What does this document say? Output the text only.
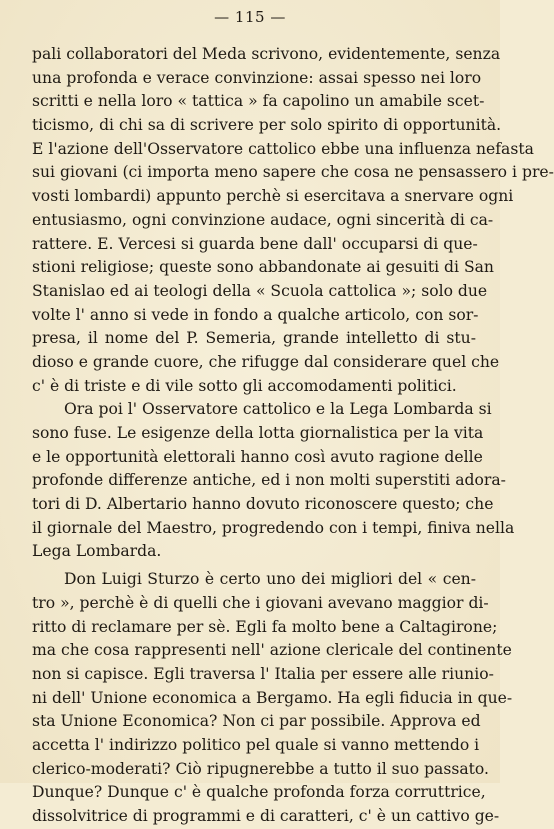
— 115 —
pali collaboratori del Meda scrivono, evidentemente, senza
una profonda e verace convinzione: assai spesso nei loro
scritti e nella loro « tattica » fa capolino un amabile scet-
ticismo, di chi sa di scrivere per solo spirito di opportunità.
E l'azione dell'Osservatore cattolico ebbe una influenza nefasta
sui giovani (ci importa meno sapere che cosa ne pensassero i pre-
vosti lombardi) appunto perchè si esercitava a snervare ogni
entusiasmo, ogni convinzione audace, ogni sincerità di ca-
rattere. E. Vercesi si guarda bene dall' occuparsi di que-
stioni religiose; queste sono abbandonate ai gesuiti di San
Stanislao ed ai teologi della « Scuola cattolica »; solo due
volte l' anno si vede in fondo a qualche articolo, con sor-
presa, il nome del P. Semeria, grande intelletto di stu-
dioso e grande cuore, che rifugge dal considerare quel che
c' è di triste e di vile sotto gli accomodamenti politici.
Ora poi l' Osservatore cattolico e la Lega Lombarda si
sono fuse. Le esigenze della lotta giornalistica per la vita
e le opportunità elettorali hanno così avuto ragione delle
profonde differenze antiche, ed i non molti superstiti adora-
tori di D. Albertario hanno dovuto riconoscere questo; che
il giornale del Maestro, progredendo con i tempi, finiva nella
Lega Lombarda.
Don Luigi Sturzo è certo uno dei migliori del « cen-
tro », perchè è di quelli che i giovani avevano maggior di-
ritto di reclamare per sè. Egli fa molto bene a Caltagirone;
ma che cosa rappresenti nell' azione clericale del continente
non si capisce. Egli traversa l' Italia per essere alle riunio-
ni dell' Unione economica a Bergamo. Ha egli fiducia in que-
sta Unione Economica? Non ci par possibile. Approva ed
accetta l' indirizzo politico pel quale si vanno mettendo i
clerico-moderati? Ciò ripugnerebbe a tutto il suo passato.
Dunque? Dunque c' è qualche profonda forza corruttrice,
dissolvitrice di programmi e di caratteri, c' è un cattivo ge-
